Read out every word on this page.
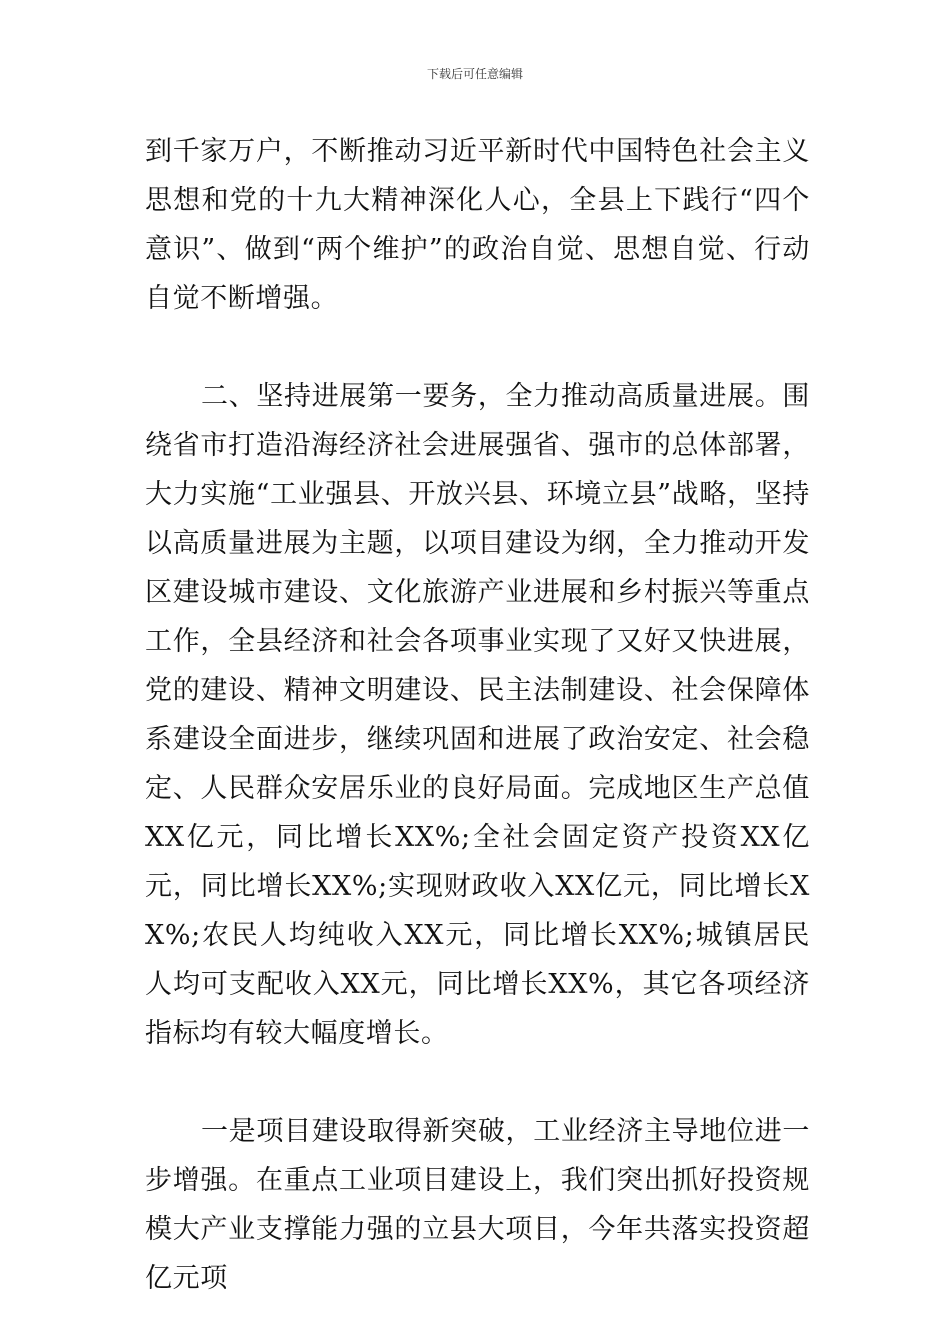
下载后可任意编辑

到千家万户，不断推动习近平新时代中国特色社会主义思想和党的十九大精神深化人心，全县上下践行“四个意识”、做到“两个维护”的政治自觉、思想自觉、行动自觉不断增强。

二、坚持进展第一要务，全力推动高质量进展。围绕省市打造沿海经济社会进展强省、强市的总体部署，大力实施“工业强县、开放兴县、环境立县”战略，坚持以高质量进展为主题，以项目建设为纲，全力推动开发区建设城市建设、文化旅游产业进展和乡村振兴等重点工作，全县经济和社会各项事业实现了又好又快进展，党的建设、精神文明建设、民主法制建设、社会保障体系建设全面进步，继续巩固和进展了政治安定、社会稳定、人民群众安居乐业的良好局面。完成地区生产总值XX亿元，同比增长XX%;全社会固定资产投资XX亿元，同比增长XX%;实现财政收入XX亿元，同比增长XX%;农民人均纯收入XX元，同比增长XX%;城镇居民人均可支配收入XX元，同比增长XX%，其它各项经济指标均有较大幅度增长。

一是项目建设取得新突破，工业经济主导地位进一步增强。在重点工业项目建设上，我们突出抓好投资规模大产业支撑能力强的立县大项目，今年共落实投资超亿元项
